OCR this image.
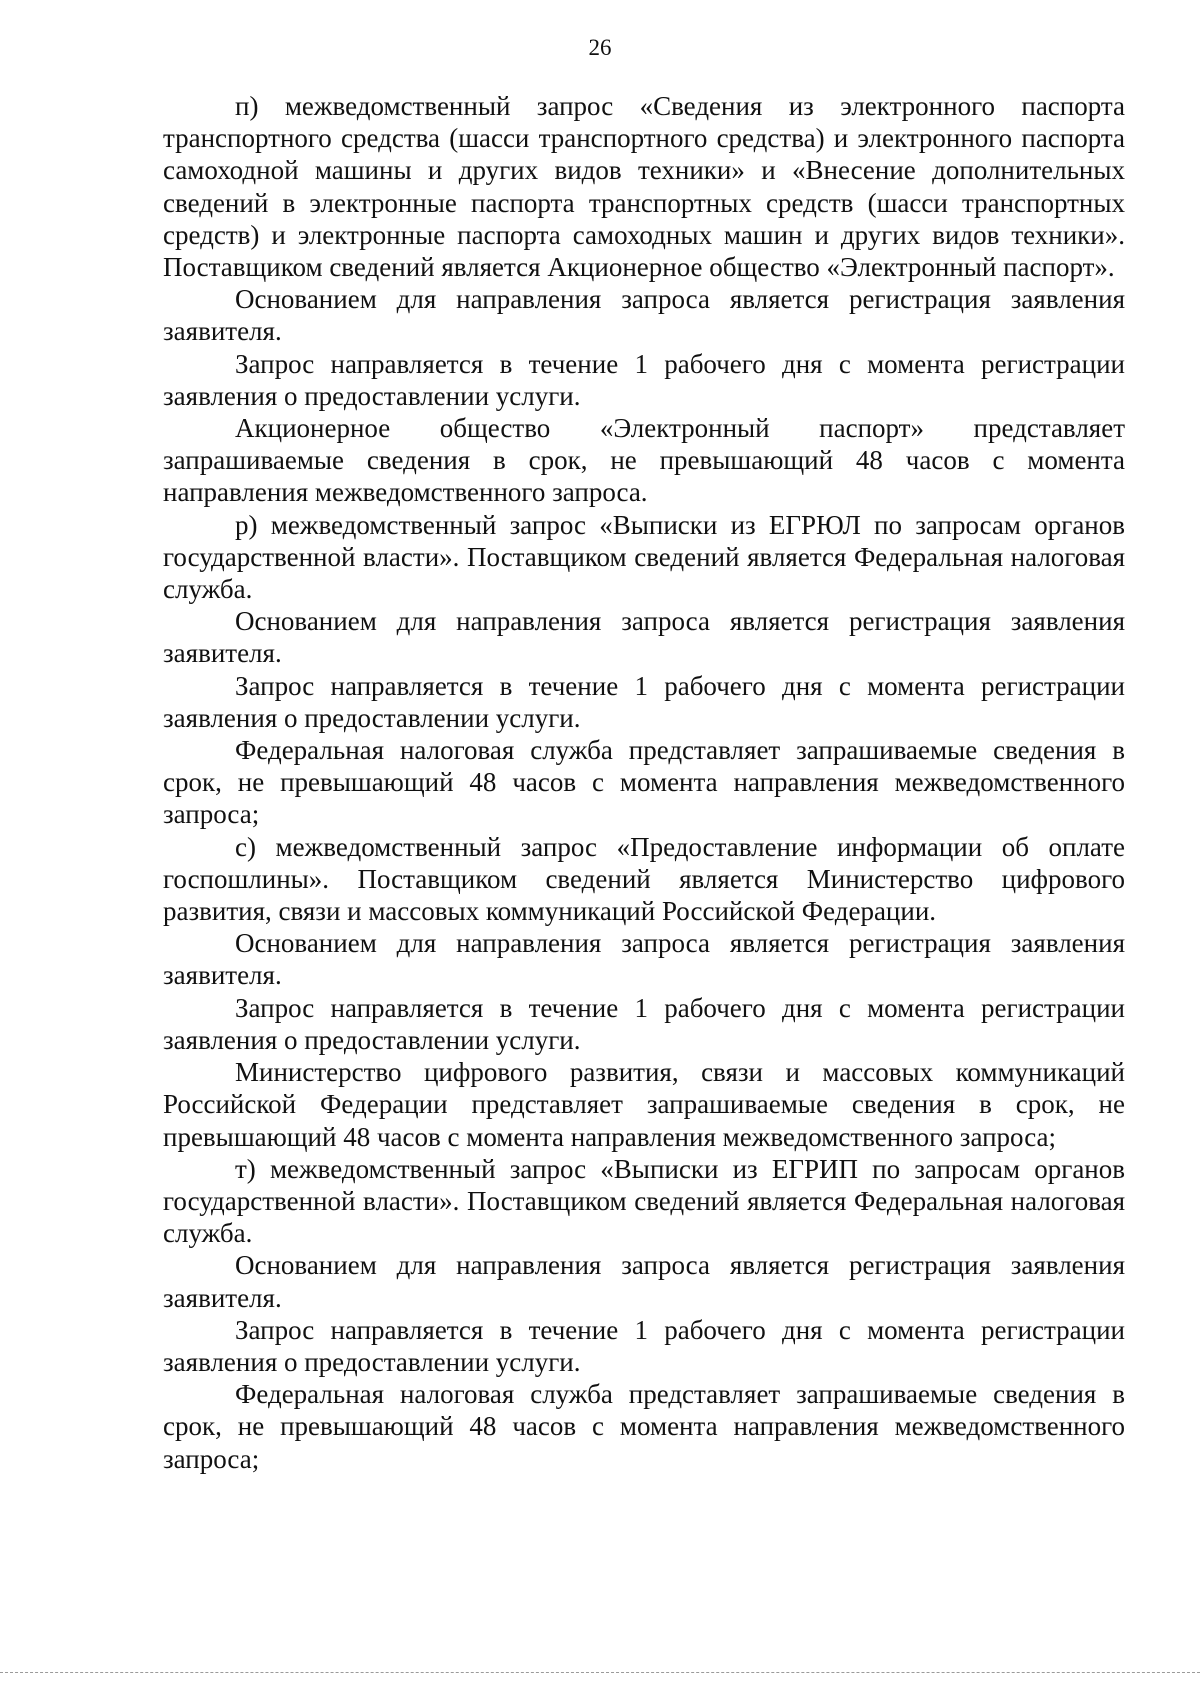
26

п) межведомственный запрос «Сведения из электронного паспорта транспортного средства (шасси транспортного средства) и электронного паспорта самоходной машины и других видов техники» и «Внесение дополнительных сведений в электронные паспорта транспортных средств (шасси транспортных средств) и электронные паспорта самоходных машин и других видов техники». Поставщиком сведений является Акционерное общество «Электронный паспорт».

Основанием для направления запроса является регистрация заявления заявителя.

Запрос направляется в течение 1 рабочего дня с момента регистрации заявления о предоставлении услуги.

Акционерное общество «Электронный паспорт» представляет запрашиваемые сведения в срок, не превышающий 48 часов с момента направления межведомственного запроса.

р) межведомственный запрос «Выписки из ЕГРЮЛ по запросам органов государственной власти». Поставщиком сведений является Федеральная налоговая служба.

Основанием для направления запроса является регистрация заявления заявителя.

Запрос направляется в течение 1 рабочего дня с момента регистрации заявления о предоставлении услуги.

Федеральная налоговая служба представляет запрашиваемые сведения в срок, не превышающий 48 часов с момента направления межведомственного запроса;

с) межведомственный запрос «Предоставление информации об оплате госпошлины». Поставщиком сведений является Министерство цифрового развития, связи и массовых коммуникаций Российской Федерации.

Основанием для направления запроса является регистрация заявления заявителя.

Запрос направляется в течение 1 рабочего дня с момента регистрации заявления о предоставлении услуги.

Министерство цифрового развития, связи и массовых коммуникаций Российской Федерации представляет запрашиваемые сведения в срок, не превышающий 48 часов с момента направления межведомственного запроса;

т) межведомственный запрос «Выписки из ЕГРИП по запросам органов государственной власти». Поставщиком сведений является Федеральная налоговая служба.

Основанием для направления запроса является регистрация заявления заявителя.

Запрос направляется в течение 1 рабочего дня с момента регистрации заявления о предоставлении услуги.

Федеральная налоговая служба представляет запрашиваемые сведения в срок, не превышающий 48 часов с момента направления межведомственного запроса;
